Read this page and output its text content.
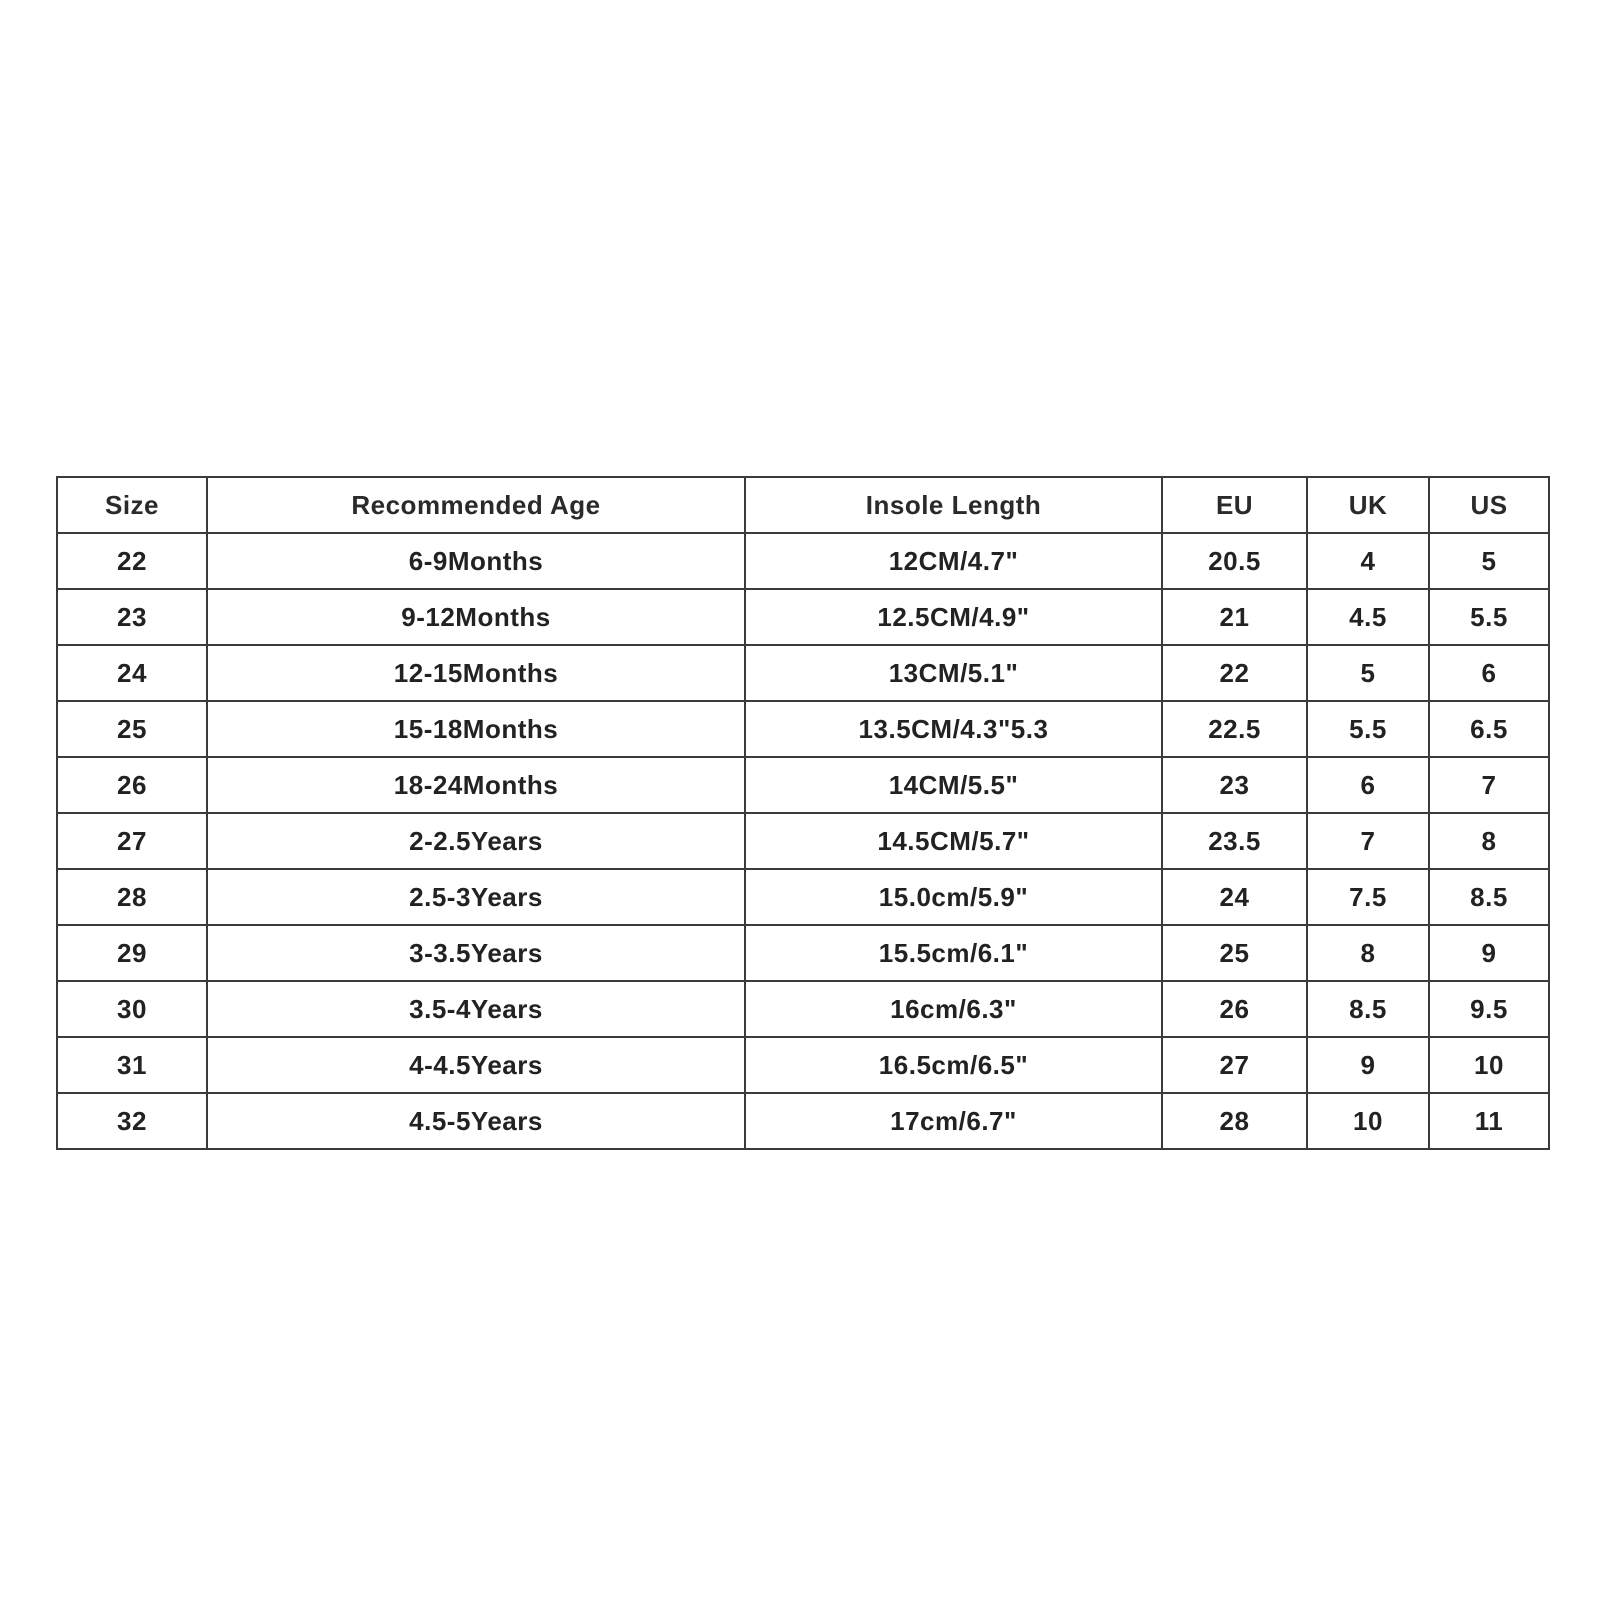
Size	Recommended Age	Insole Length	EU	UK	US
22	6-9Months	12CM/4.7"	20.5	4	5
23	9-12Months	12.5CM/4.9"	21	4.5	5.5
24	12-15Months	13CM/5.1"	22	5	6
25	15-18Months	13.5CM/4.3"5.3	22.5	5.5	6.5
26	18-24Months	14CM/5.5"	23	6	7
27	2-2.5Years	14.5CM/5.7"	23.5	7	8
28	2.5-3Years	15.0cm/5.9"	24	7.5	8.5
29	3-3.5Years	15.5cm/6.1"	25	8	9
30	3.5-4Years	16cm/6.3"	26	8.5	9.5
31	4-4.5Years	16.5cm/6.5"	27	9	10
32	4.5-5Years	17cm/6.7"	28	10	11
